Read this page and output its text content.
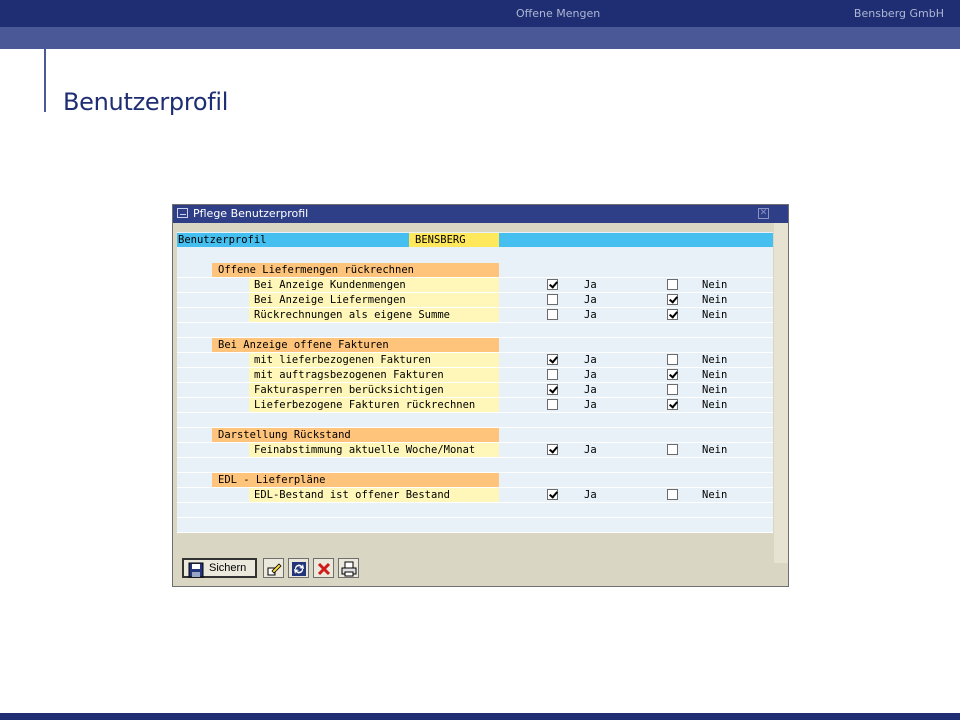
Offene Mengen	Bensberg GmbH
Benutzerprofil
Pflege Benutzerprofil	✕
Benutzerprofil	BENSBERG
Offene Liefermengen rückrechnen
Bei Anzeige Kundenmengen	Ja	Nein
Bei Anzeige Liefermengen	Ja	Nein
Rückrechnungen als eigene Summe	Ja	Nein
Bei Anzeige offene Fakturen
mit lieferbezogenen Fakturen	Ja	Nein
mit auftragsbezogenen Fakturen	Ja	Nein
Fakturasperren berücksichtigen	Ja	Nein
Lieferbezogene Fakturen rückrechnen	Ja	Nein
Darstellung Rückstand
Feinabstimmung aktuelle Woche/Monat	Ja	Nein
EDL - Lieferpläne
EDL-Bestand ist offener Bestand	Ja	Nein
Sichern
